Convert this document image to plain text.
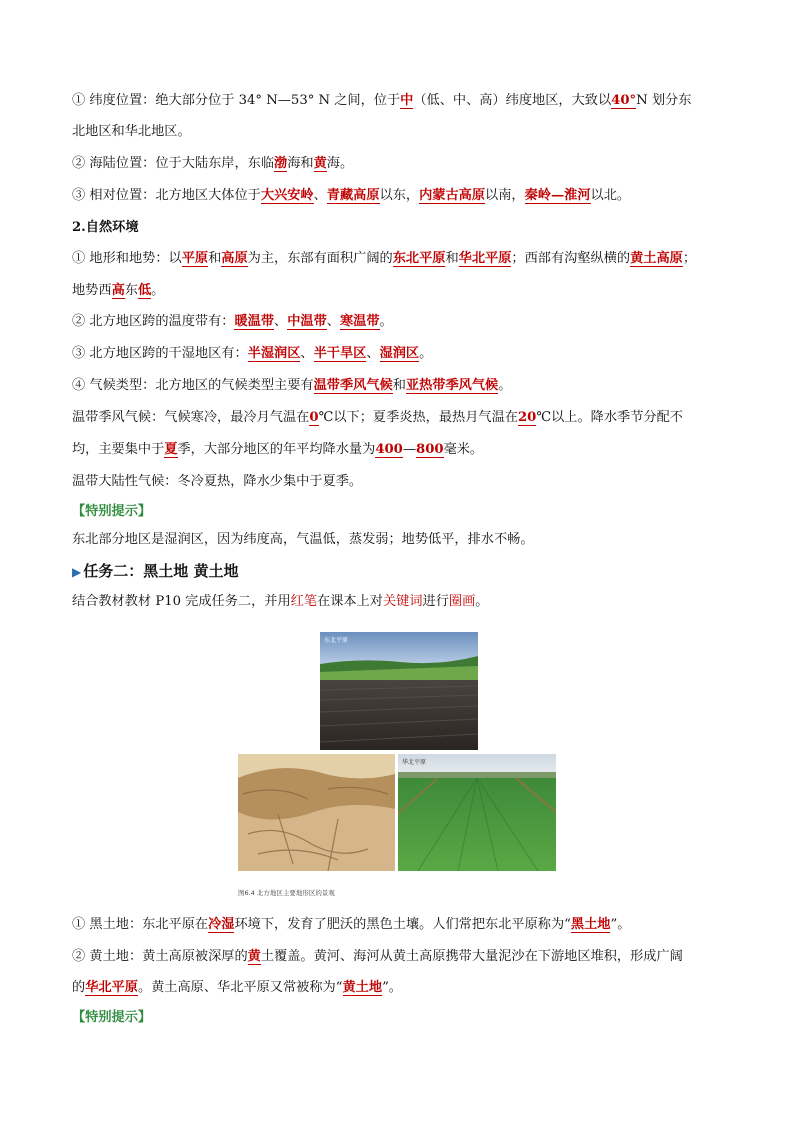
① 纬度位置：绝大部分位于 34° N—53° N 之间，位于中（低、中、高）纬度地区，大致以40°N 划分东
北地区和华北地区。
② 海陆位置：位于大陆东岸，东临渤海和黄海。
③ 相对位置：北方地区大体位于大兴安岭、青藏高原以东，内蒙古高原以南，秦岭—淮河以北。
2.自然环境
① 地形和地势：以平原和高原为主，东部有面积广阔的东北平原和华北平原；西部有沟壑纵横的黄土高原；
地势西高东低。
② 北方地区跨的温度带有：暖温带、中温带、寒温带。
③ 北方地区跨的干湿地区有：半湿润区、半干旱区、湿润区。
④ 气候类型：北方地区的气候类型主要有温带季风气候和亚热带季风气候。
温带季风气候：气候寒冷，最冷月气温在0℃以下；夏季炎热，最热月气温在20℃以上。降水季节分配不
均，主要集中于夏季，大部分地区的年平均降水量为400—800毫米。
温带大陆性气候：冬冷夏热，降水少集中于夏季。
【特别提示】
东北部分地区是湿润区，因为纬度高，气温低，蒸发弱；地势低平，排水不畅。
▶ 任务二：黑土地 黄土地
结合教材教材 P10 完成任务二，并用红笔在课本上对关键词进行圈画。
东北平原
华北平原
图6.4 北方地区主要地形区的景观
① 黑土地：东北平原在冷湿环境下，发育了肥沃的黑色土壤。人们常把东北平原称为“黑土地”。
② 黄土地：黄土高原被深厚的黄土覆盖。黄河、海河从黄土高原携带大量泥沙在下游地区堆积，形成广阔
的华北平原。黄土高原、华北平原又常被称为“黄土地”。
【特别提示】
